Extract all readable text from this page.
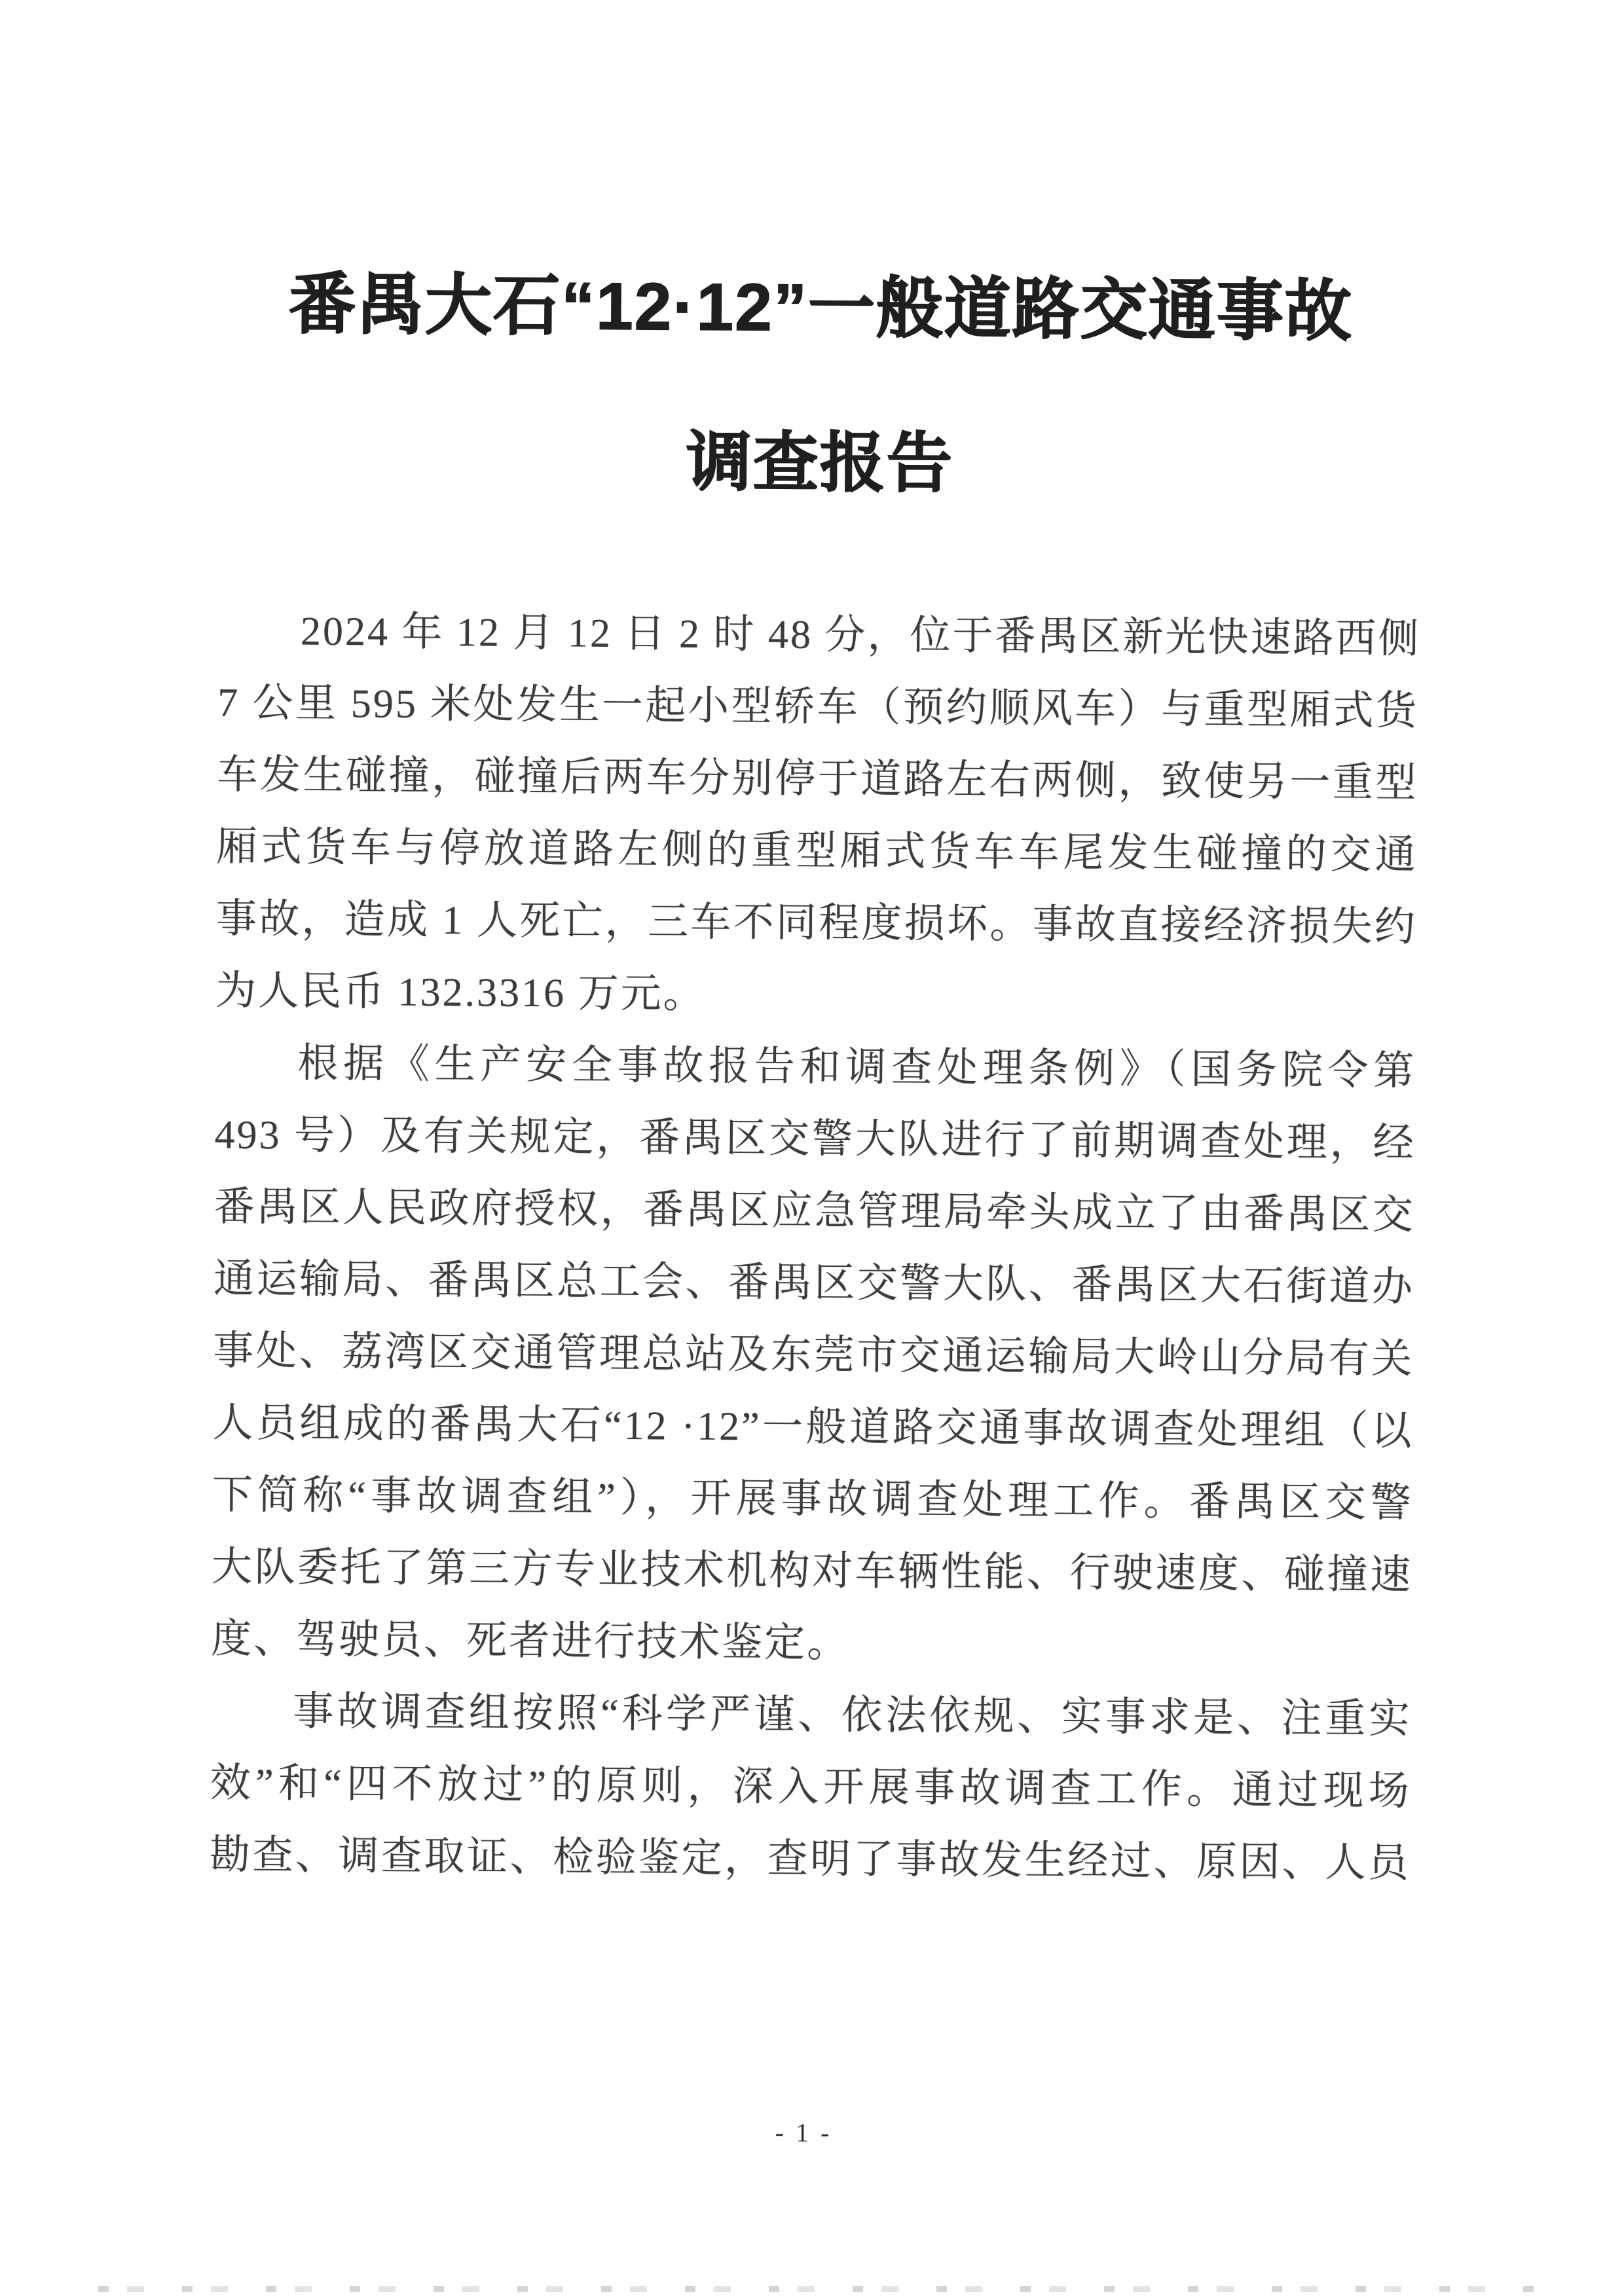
番禺大石“12·12”一般道路交通事故
调查报告
2024 年 12 月 12 日 2 时 48 分，位于番禺区新光快速路西侧
7 公里 595 米处发生一起小型轿车（预约顺风车）与重型厢式货
车发生碰撞，碰撞后两车分别停于道路左右两侧，致使另一重型
厢式货车与停放道路左侧的重型厢式货车车尾发生碰撞的交通
事故，造成 1 人死亡，三车不同程度损坏。事故直接经济损失约
为人民币 132.3316 万元。
根据《生产安全事故报告和调查处理条例》（国务院令第
493 号）及有关规定，番禺区交警大队进行了前期调查处理，经
番禺区人民政府授权，番禺区应急管理局牵头成立了由番禺区交
通运输局、番禺区总工会、番禺区交警大队、番禺区大石街道办
事处、荔湾区交通管理总站及东莞市交通运输局大岭山分局有关
人员组成的番禺大石“12 ·12”一般道路交通事故调查处理组（以
下简称“事故调查组”），开展事故调查处理工作。番禺区交警
大队委托了第三方专业技术机构对车辆性能、行驶速度、碰撞速
度、驾驶员、死者进行技术鉴定。
事故调查组按照“科学严谨、依法依规、实事求是、注重实
效”和“四不放过”的原则，深入开展事故调查工作。通过现场
勘查、调查取证、检验鉴定，查明了事故发生经过、原因、人员
- 1 -
